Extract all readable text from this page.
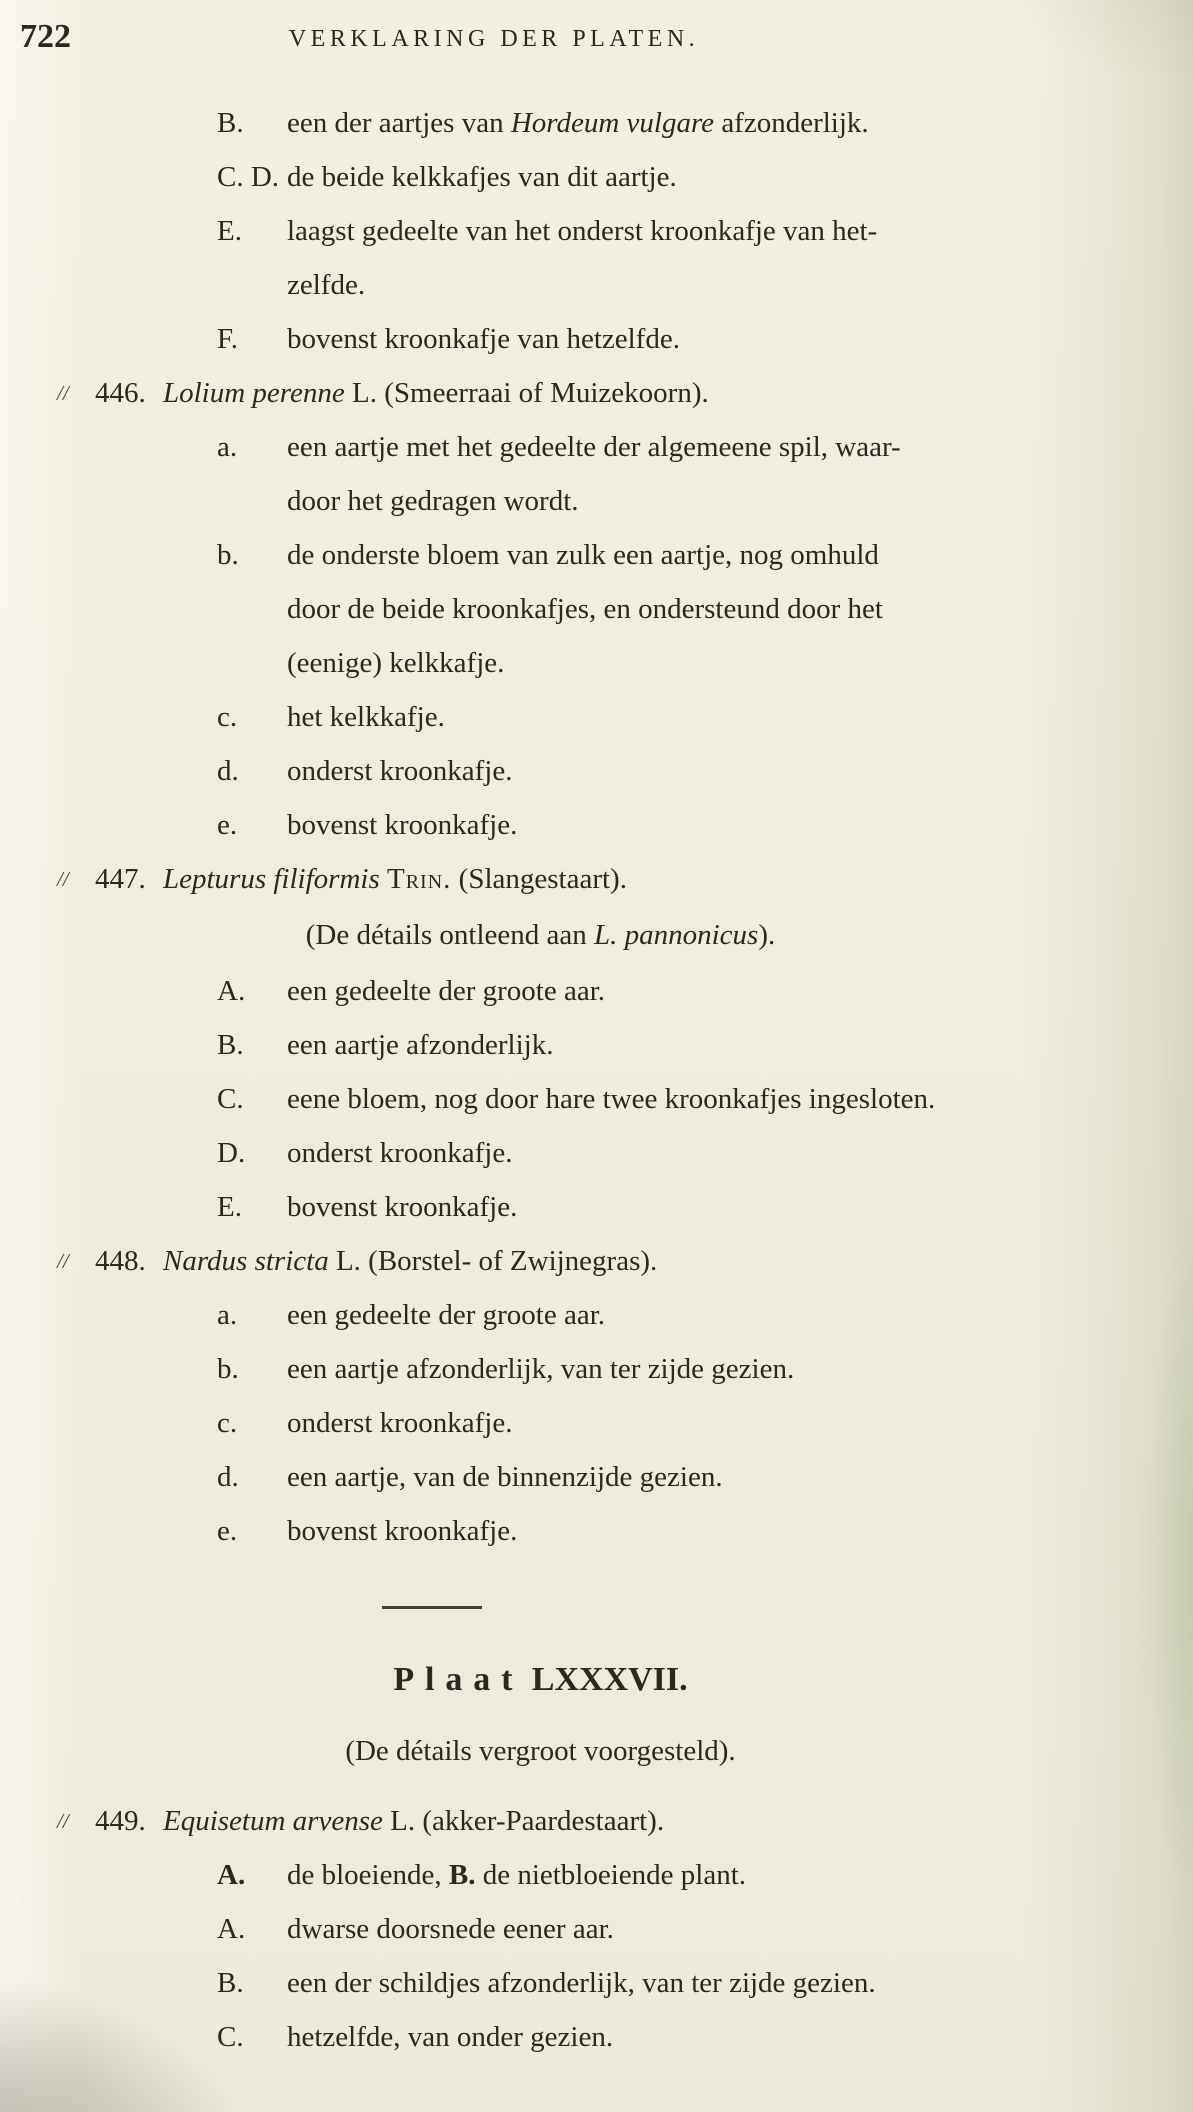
722	VERKLARING DER PLATEN.
B.	een der aartjes van Hordeum vulgare afzonderlijk.
C. D. de beide kelkkafjes van dit aartje.
E.	laagst gedeelte van het onderst kroonkafje van het-
zelfde.
F.	bovenst kroonkafje van hetzelfde.
// 446. Lolium perenne L. (Smeerraai of Muizekoorn).
a.	een aartje met het gedeelte der algemeene spil, waar-
door het gedragen wordt.
b.	de onderste bloem van zulk een aartje, nog omhuld
door de beide kroonkafjes, en ondersteund door het
(eenige) kelkkafje.
c.	het kelkkafje.
d.	onderst kroonkafje.
e.	bovenst kroonkafje.
// 447. Lepturus filiformis Trin. (Slangestaart).
(De détails ontleend aan L. pannonicus).
A.	een gedeelte der groote aar.
B.	een aartje afzonderlijk.
C.	eene bloem, nog door hare twee kroonkafjes ingesloten.
D.	onderst kroonkafje.
E.	bovenst kroonkafje.
// 448. Nardus stricta L. (Borstel- of Zwijnegras).
a.	een gedeelte der groote aar.
b.	een aartje afzonderlijk, van ter zijde gezien.
c.	onderst kroonkafje.
d.	een aartje, van de binnenzijde gezien.
e.	bovenst kroonkafje.
Plaat LXXXVII.
(De détails vergroot voorgesteld).
// 449. Equisetum arvense L. (akker-Paardestaart).
A.	de bloeiende, B. de nietbloeiende plant.
A.	dwarse doorsnede eener aar.
B.	een der schildjes afzonderlijk, van ter zijde gezien.
C.	hetzelfde, van onder gezien.
